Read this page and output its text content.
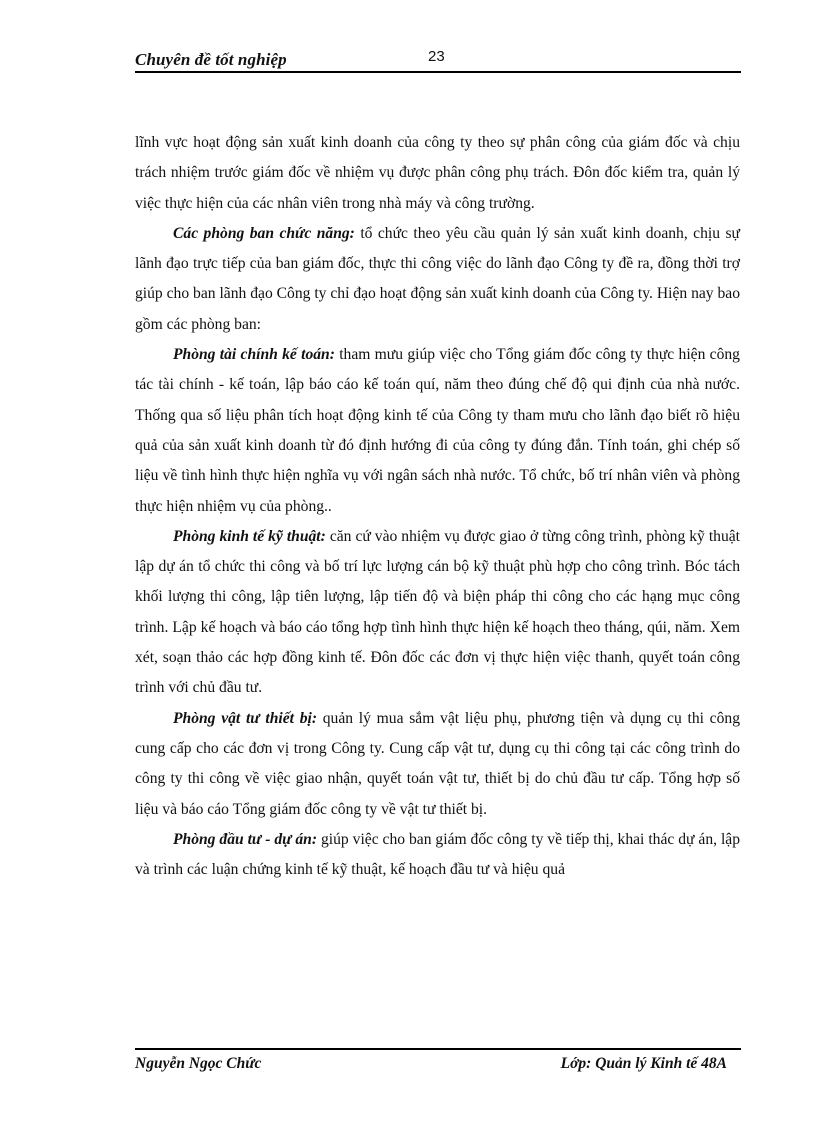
Chuyên đề tốt nghiệp	23

lĩnh vực hoạt động sản xuất kinh doanh của công ty theo sự phân công của giám đốc và chịu trách nhiệm trước giám đốc về nhiệm vụ được phân công phụ trách. Đôn đốc kiểm tra, quản lý việc thực hiện của các nhân viên trong nhà máy và công trường.

Các phòng ban chức năng: tổ chức theo yêu cầu quản lý sản xuất kinh doanh, chịu sự lãnh đạo trực tiếp của ban giám đốc, thực thi công việc do lãnh đạo Công ty đề ra, đồng thời trợ giúp cho ban lãnh đạo Công ty chỉ đạo hoạt động sản xuất kinh doanh của Công ty. Hiện nay bao gồm các phòng ban:

Phòng tài chính kế toán: tham mưu giúp việc cho Tổng giám đốc công ty thực hiện công tác tài chính - kế toán, lập báo cáo kế toán quí, năm theo đúng chế độ qui định của nhà nước. Thống qua số liệu phân tích hoạt động kinh tế của Công ty tham mưu cho lãnh đạo biết rõ hiệu quả của sản xuất kinh doanh từ đó định hướng đi của công ty đúng đắn. Tính toán, ghi chép số liệu về tình hình thực hiện nghĩa vụ với ngân sách nhà nước. Tổ chức, bố trí nhân viên và phòng thực hiện nhiệm vụ của phòng..

Phòng kinh tế kỹ thuật: căn cứ vào nhiệm vụ được giao ở từng công trình, phòng kỹ thuật lập dự án tổ chức thi công và bố trí lực lượng cán bộ kỹ thuật phù hợp cho công trình. Bóc tách khối lượng thi công, lập tiên lượng, lập tiến độ và biện pháp thi công cho các hạng mục công trình. Lập kế hoạch và báo cáo tổng hợp tình hình thực hiện kế hoạch theo tháng, qúi, năm. Xem xét, soạn thảo các hợp đồng kinh tế. Đôn đốc các đơn vị thực hiện việc thanh, quyết toán công trình với chủ đầu tư.

Phòng vật tư thiết bị: quản lý mua sắm vật liệu phụ, phương tiện và dụng cụ thi công cung cấp cho các đơn vị trong Công ty. Cung cấp vật tư, dụng cụ thi công tại các công trình do công ty thi công về việc giao nhận, quyết toán vật tư, thiết bị do chủ đầu tư cấp. Tổng hợp số liệu và báo cáo Tổng giám đốc công ty về vật tư thiết bị.

Phòng đầu tư - dự án: giúp việc cho ban giám đốc công ty về tiếp thị, khai thác dự án, lập và trình các luận chứng kinh tế kỹ thuật, kế hoạch đầu tư và hiệu quả

Nguyễn Ngọc Chức	Lớp: Quản lý Kinh tế 48A
